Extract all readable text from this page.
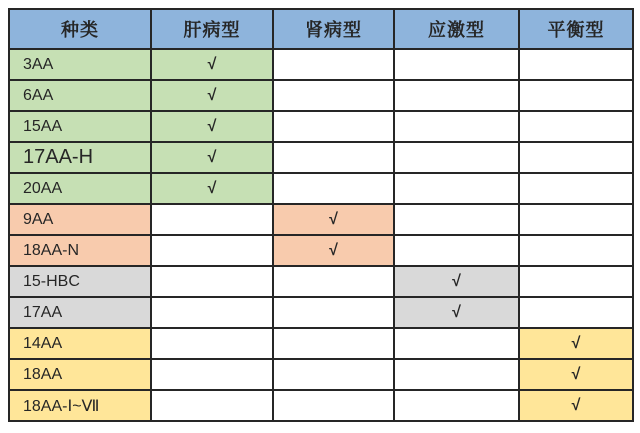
种类	肝病型	肾病型	应激型	平衡型
3AA	√			
6AA	√			
15AA	√			
17AA-H	√			
20AA	√			
9AA		√		
18AA-N		√		
15-HBC			√	
17AA			√	
14AA				√
18AA				√
18AA-Ⅰ~Ⅶ				√
